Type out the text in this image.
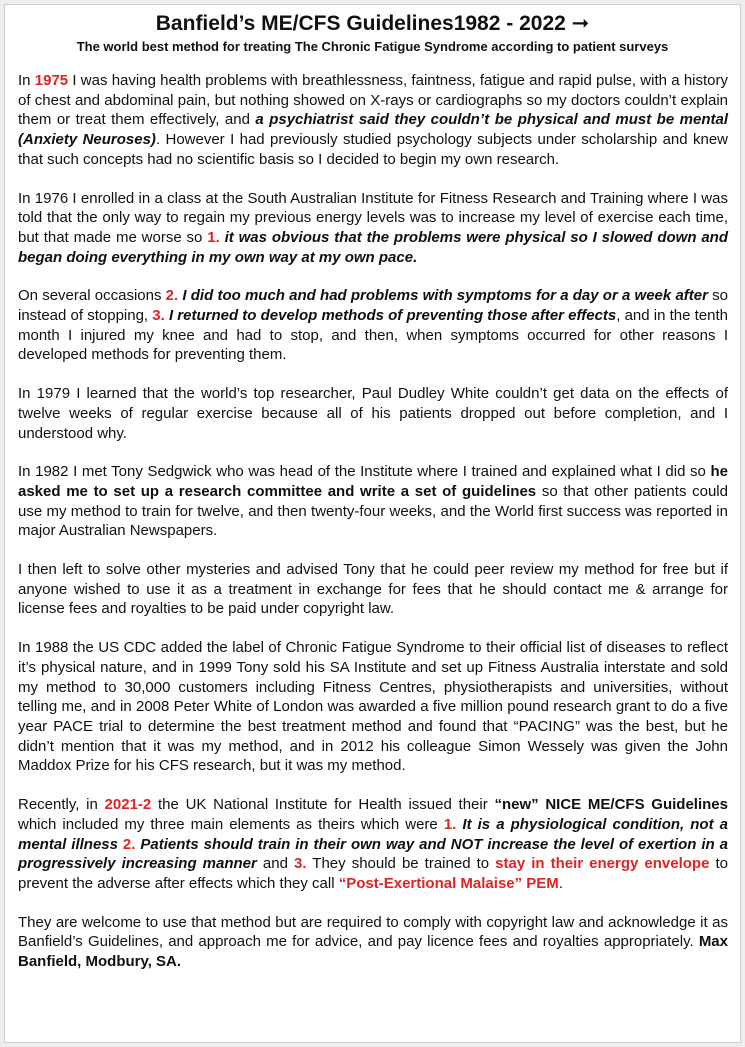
Banfield’s ME/CFS Guidelines1982 - 2022 ➞
The world best method for treating The Chronic Fatigue Syndrome according to patient surveys

In 1975 I was having health problems with breathlessness, faintness, fatigue and rapid pulse, with a history of chest and abdominal pain, but nothing showed on X-rays or cardiographs so my doctors couldn’t explain them or treat them effectively, and a psychiatrist said they couldn’t be physical and must be mental (Anxiety Neuroses). However I had previously studied psychology subjects under scholarship and knew that such concepts had no scientific basis so I decided to begin my own research.

In 1976 I enrolled in a class at the South Australian Institute for Fitness Research and Training where I was told that the only way to regain my previous energy levels was to increase my level of exercise each time, but that made me worse so 1. it was obvious that the problems were physical so I slowed down and began doing everything in my own way at my own pace.

On several occasions 2. I did too much and had problems with symptoms for a day or a week after so instead of stopping, 3. I returned to develop methods of preventing those after effects, and in the tenth month I injured my knee and had to stop, and then, when symptoms occurred for other reasons I developed methods for preventing them.

In 1979 I learned that the world’s top researcher, Paul Dudley White couldn’t get data on the effects of twelve weeks of regular exercise because all of his patients dropped out before completion, and I understood why.

In 1982 I met Tony Sedgwick who was head of the Institute where I trained and explained what I did so he asked me to set up a research committee and write a set of guidelines so that other patients could use my method to train for twelve, and then twenty-four weeks, and the World first success was reported in major Australian Newspapers.

I then left to solve other mysteries and advised Tony that he could peer review my method for free but if anyone wished to use it as a treatment in exchange for fees that he should contact me & arrange for license fees and royalties to be paid under copyright law.

In 1988 the US CDC added the label of Chronic Fatigue Syndrome to their official list of diseases to reflect it’s physical nature, and in 1999 Tony sold his SA Institute and set up Fitness Australia interstate and sold my method to 30,000 customers including Fitness Centres, physiotherapists and universities, without telling me, and in 2008 Peter White of London was awarded a five million pound research grant to do a five year PACE trial to determine the best treatment method and found that “PACING” was the best, but he didn’t mention that it was my method, and in 2012 his colleague Simon Wessely was given the John Maddox Prize for his CFS research, but it was my method.

Recently, in 2021-2 the UK National Institute for Health issued their “new” NICE ME/CFS Guidelines which included my three main elements as theirs which were 1. It is a physiological condition, not a mental illness 2. Patients should train in their own way and NOT increase the level of exertion in a progressively increasing manner and 3. They should be trained to stay in their energy envelope to prevent the adverse after effects which they call “Post-Exertional Malaise” PEM.

They are welcome to use that method but are required to comply with copyright law and acknowledge it as Banfield’s Guidelines, and approach me for advice, and pay licence fees and royalties appropriately. Max Banfield, Modbury, SA.
